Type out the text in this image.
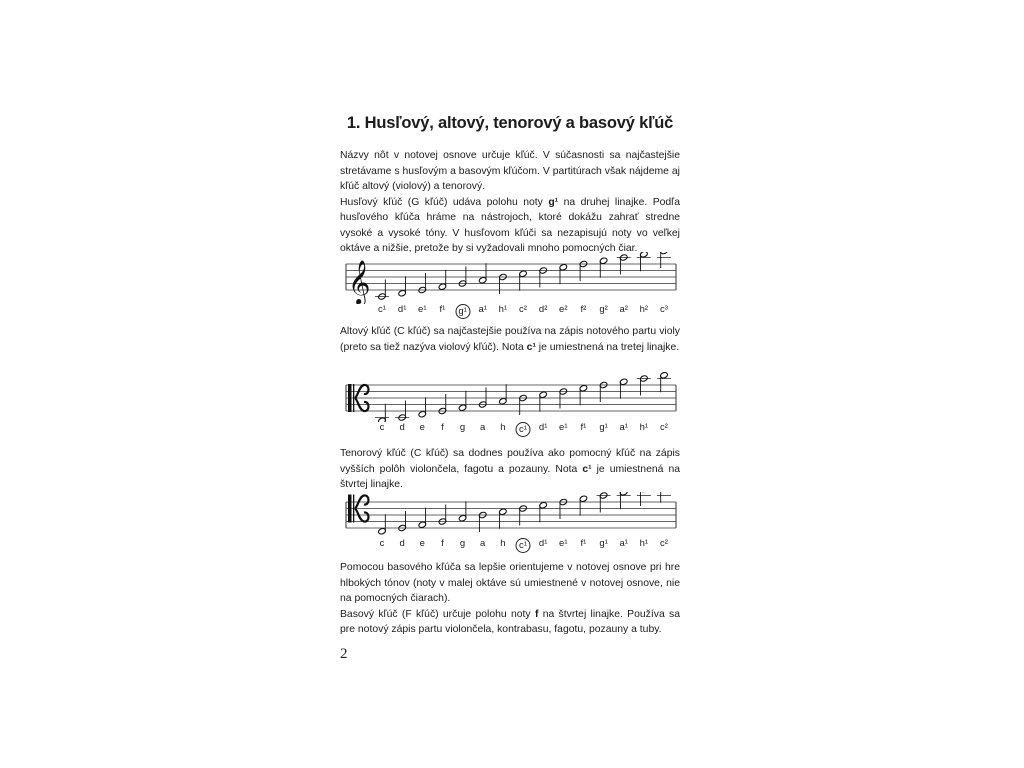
1. Husľový, altový, tenorový a basový kľúč

Názvy nôt v notovej osnove určuje kľúč. V súčasnosti sa najčastejšie stretávame s husľovým a basovým kľúčom. V partitúrach však nájdeme aj kľúč altový (violový) a tenorový.
Husľový kľúč (G kľúč) udáva polohu noty g¹ na druhej linajke. Podľa husľového kľúča hráme na nástrojoch, ktoré dokážu zahrať stredne vysoké a vysoké tóny. V husľovom kľúči sa nezapisujú noty vo veľkej oktáve a nižšie, pretože by si vyžadovali mnoho pomocných čiar.

𝄞
c¹ d¹ e¹ f¹	g¹	a¹ h¹ c² d² e² f² g² a² h² c³

Altový kľúč (C kľúč) sa najčastejšie používa na zápis notového partu violy (preto sa tiež nazýva violový kľúč). Nota c¹ je umiestnená na tretej linajke.

c d e f g a h	c¹	d¹ e¹ f¹ g¹ a¹ h¹ c²

Tenorový kľúč (C kľúč) sa dodnes používa ako pomocný kľúč na zápis vyšších polôh violončela, fagotu a pozauny. Nota c¹ je umiestnená na štvrtej linajke.

c d e f g a h	c¹	d¹ e¹ f¹ g¹ a¹ h¹ c²

Pomocou basového kľúča sa lepšie orientujeme v notovej osnove pri hre hlbokých tónov (noty v malej oktáve sú umiestnené v notovej osnove, nie na pomocných čiarach).
Basový kľúč (F kľúč) určuje polohu noty f na štvrtej linajke. Používa sa pre notový zápis partu violončela, kontrabasu, fagotu, pozauny a tuby.

2
